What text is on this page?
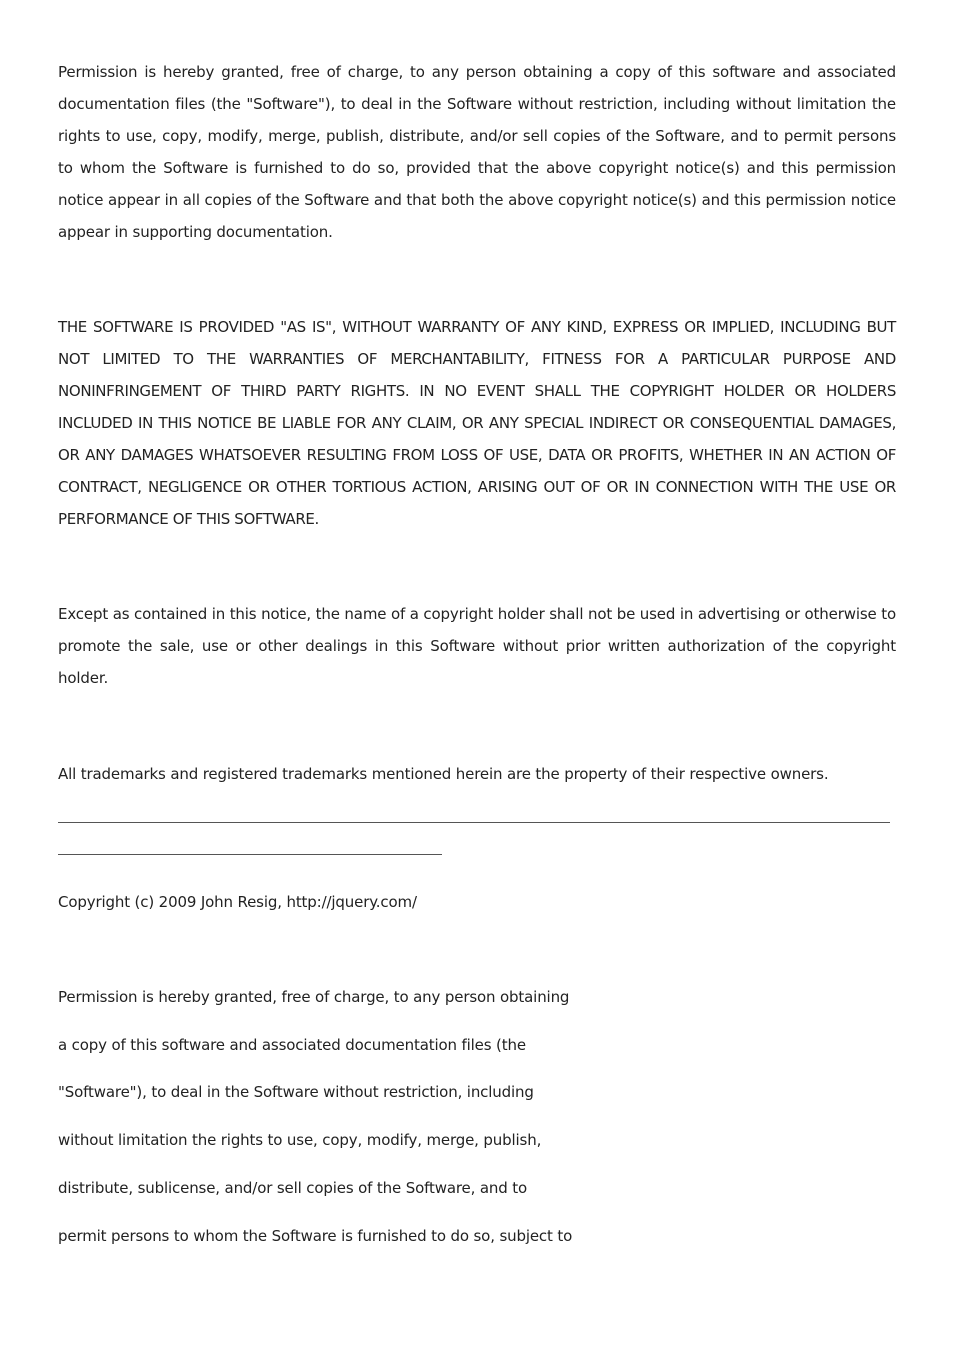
Permission is hereby granted, free of charge, to any person obtaining a copy of this software and associated documentation files (the "Software"), to deal in the Software without restriction, including without limitation the rights to use, copy, modify, merge, publish, distribute, and/or sell copies of the Software, and to permit persons to whom the Software is furnished to do so, provided that the above copyright notice(s) and this permission notice appear in all copies of the Software and that both the above copyright notice(s) and this permission notice appear in supporting documentation.

THE SOFTWARE IS PROVIDED "AS IS", WITHOUT WARRANTY OF ANY KIND, EXPRESS OR IMPLIED, INCLUDING BUT NOT LIMITED TO THE WARRANTIES OF MERCHANTABILITY, FITNESS FOR A PARTICULAR PURPOSE AND NONINFRINGEMENT OF THIRD PARTY RIGHTS. IN NO EVENT SHALL THE COPYRIGHT HOLDER OR HOLDERS INCLUDED IN THIS NOTICE BE LIABLE FOR ANY CLAIM, OR ANY SPECIAL INDIRECT OR CONSEQUENTIAL DAMAGES, OR ANY DAMAGES WHATSOEVER RESULTING FROM LOSS OF USE, DATA OR PROFITS, WHETHER IN AN ACTION OF CONTRACT, NEGLIGENCE OR OTHER TORTIOUS ACTION, ARISING OUT OF OR IN CONNECTION WITH THE USE OR PERFORMANCE OF THIS SOFTWARE.

Except as contained in this notice, the name of a copyright holder shall not be used in advertising or otherwise to promote the sale, use or other dealings in this Software without prior written authorization of the copyright holder.

All trademarks and registered trademarks mentioned herein are the property of their respective owners.

Copyright (c) 2009 John Resig, http://jquery.com/

Permission is hereby granted, free of charge, to any person obtaining

a copy of this software and associated documentation files (the

"Software"), to deal in the Software without restriction, including

without limitation the rights to use, copy, modify, merge, publish,

distribute, sublicense, and/or sell copies of the Software, and to

permit persons to whom the Software is furnished to do so, subject to
